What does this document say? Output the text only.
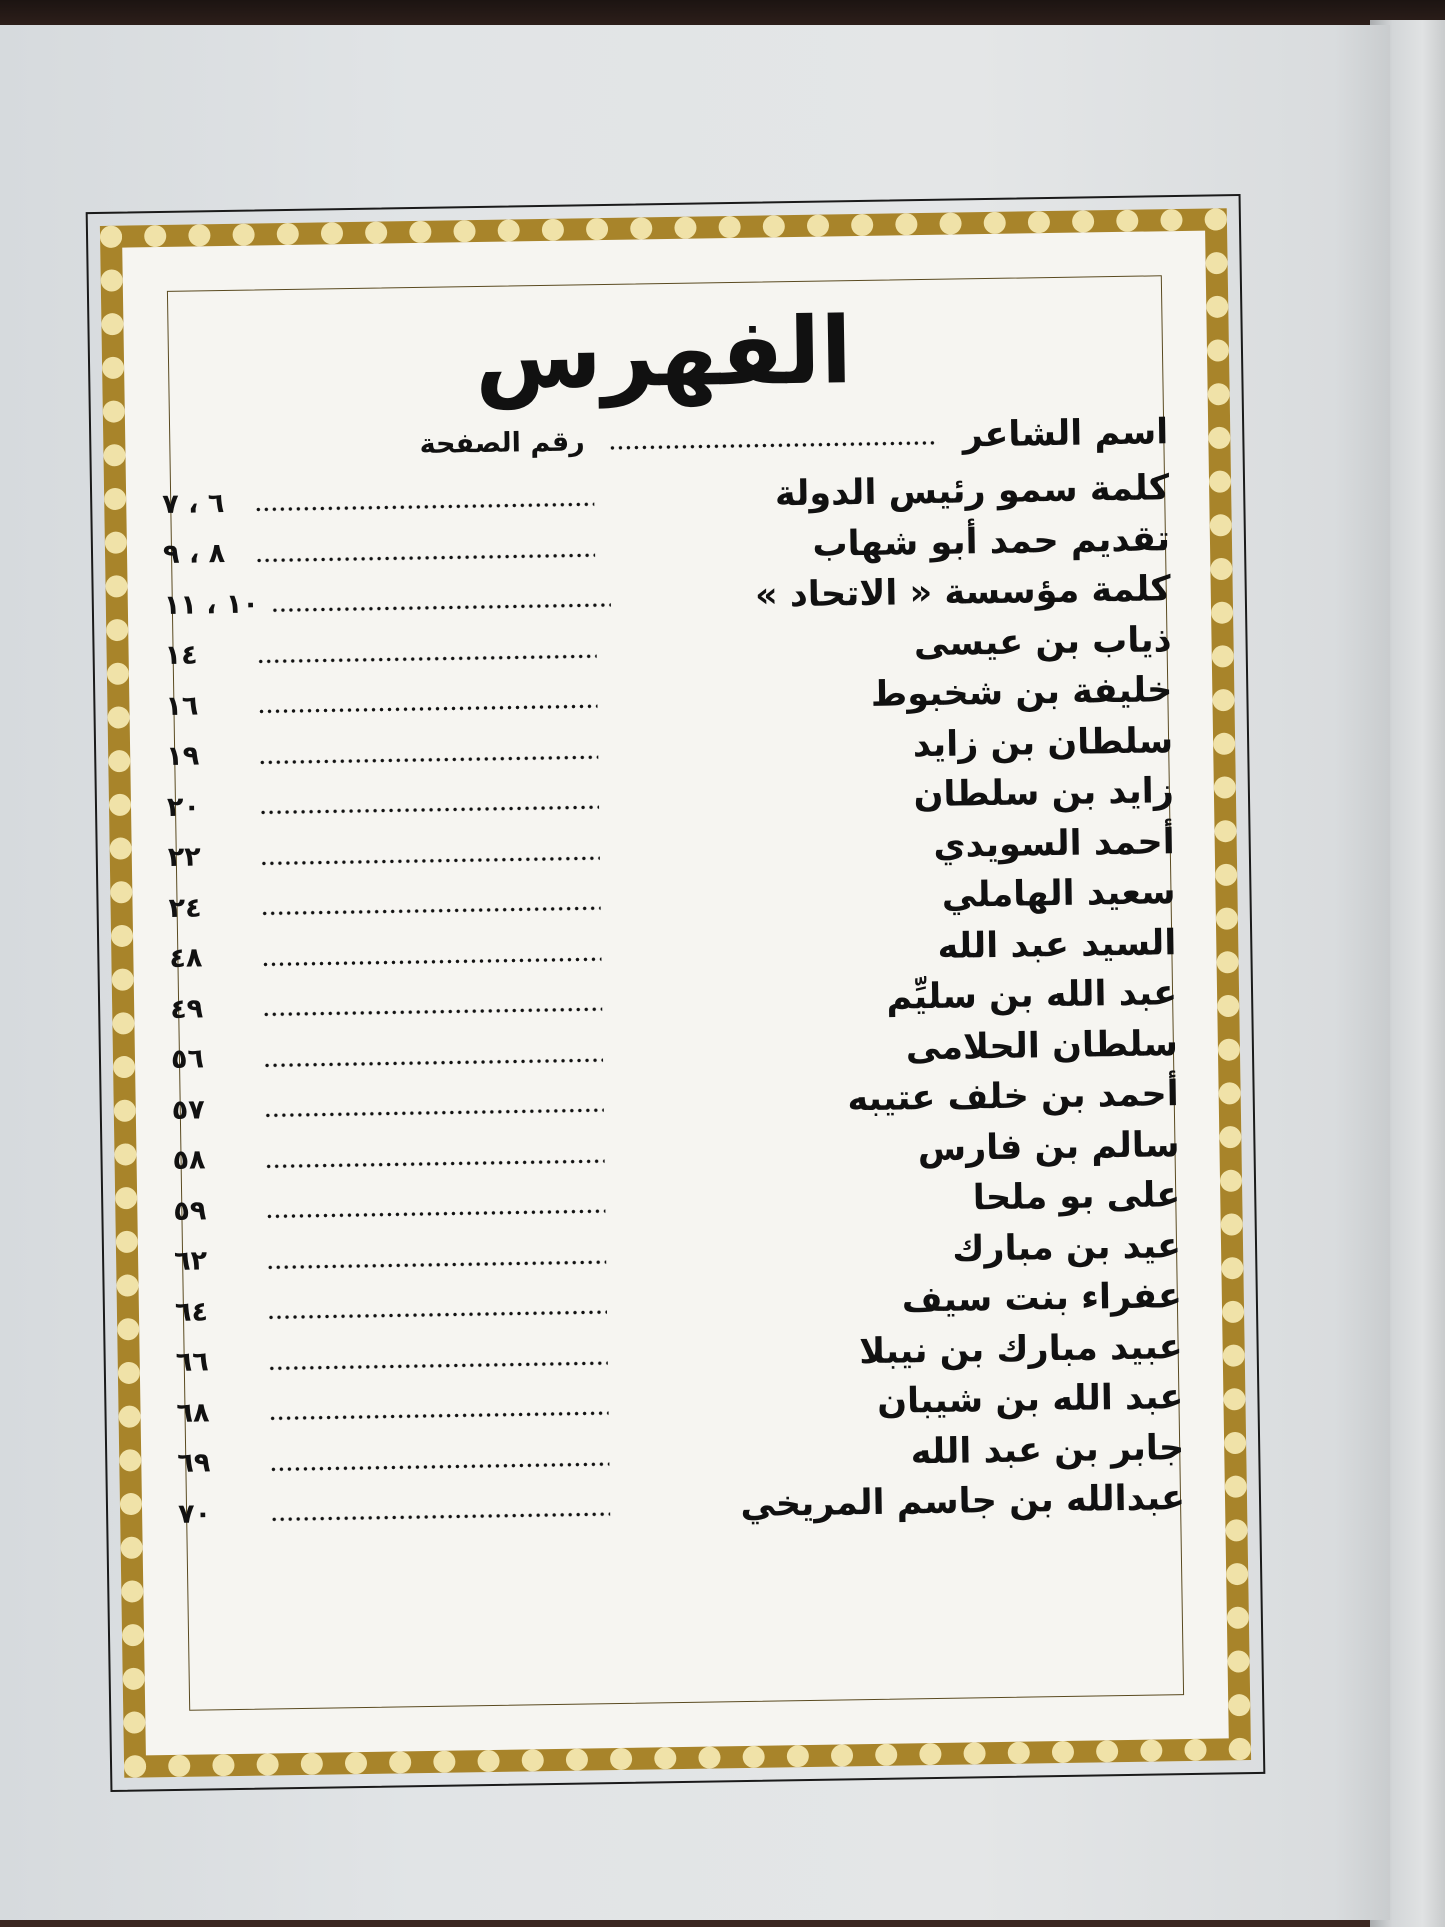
الفهرس
اسم الشاعر
رقم الصفحة
كلمة سمو رئيس الدولة
٦ ، ٧
تقديم حمد أبو شهاب
٨ ، ٩
كلمة مؤسسة « الاتحاد »
١٠ ، ١١
ذياب بن عيسى
١٤
خليفة بن شخبوط
١٦
سلطان بن زايد
١٩
زايد بن سلطان
٢٠
أحمد السويدي
٢٢
سعيد الهاملي
٢٤
السيد عبد الله
٤٨
عبد الله بن سليِّم
٤٩
سلطان الحلامى
٥٦
أحمد بن خلف عتيبه
٥٧
سالم بن فارس
٥٨
على بو ملحا
٥٩
عيد بن مبارك
٦٢
عفراء بنت سيف
٦٤
عبيد مبارك بن نيبلا
٦٦
عبد الله بن شيبان
٦٨
جابر بن عبد الله
٦٩
عبدالله بن جاسم المريخي
٧٠
